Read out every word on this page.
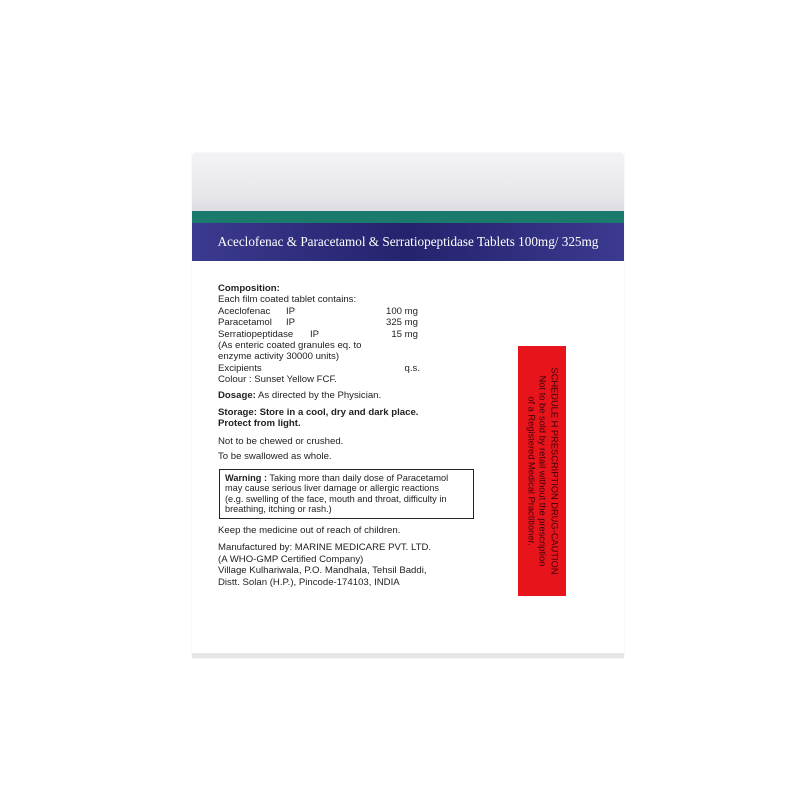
Aceclofenac & Paracetamol & Serratiopeptidase Tablets 100mg/ 325mg

Composition:

Each film coated tablet contains:

Aceclofenac	IP	100 mg
Paracetamol	IP	325 mg
Serratiopeptidase	IP	15 mg

(As enteric coated granules eq. to

enzyme activity 30000 units)

Excipients	q.s.

Colour : Sunset Yellow FCF.

Dosage: As directed by the Physician.

Storage: Store in a cool, dry and dark place.

Protect from light.

Not to be chewed or crushed.

To be swallowed as whole.

Warning : Taking more than daily dose of Paracetamol

may cause serious liver damage or allergic reactions

(e.g. swelling of the face, mouth and throat, difficulty in

breathing, itching or rash.)

Keep the medicine out of reach of children.

Manufactured by: MARINE MEDICARE PVT. LTD.

(A WHO-GMP Certified Company)

Village Kulhariwala, P.O. Mandhala, Tehsil Baddi,

Distt. Solan (H.P.), Pincode-174103, INDIA

SCHEDULE H PRESCRIPTION DRUG-CAUTION
Not to be sold by retail without the prescription
of a Registered Medical Practitioner.
